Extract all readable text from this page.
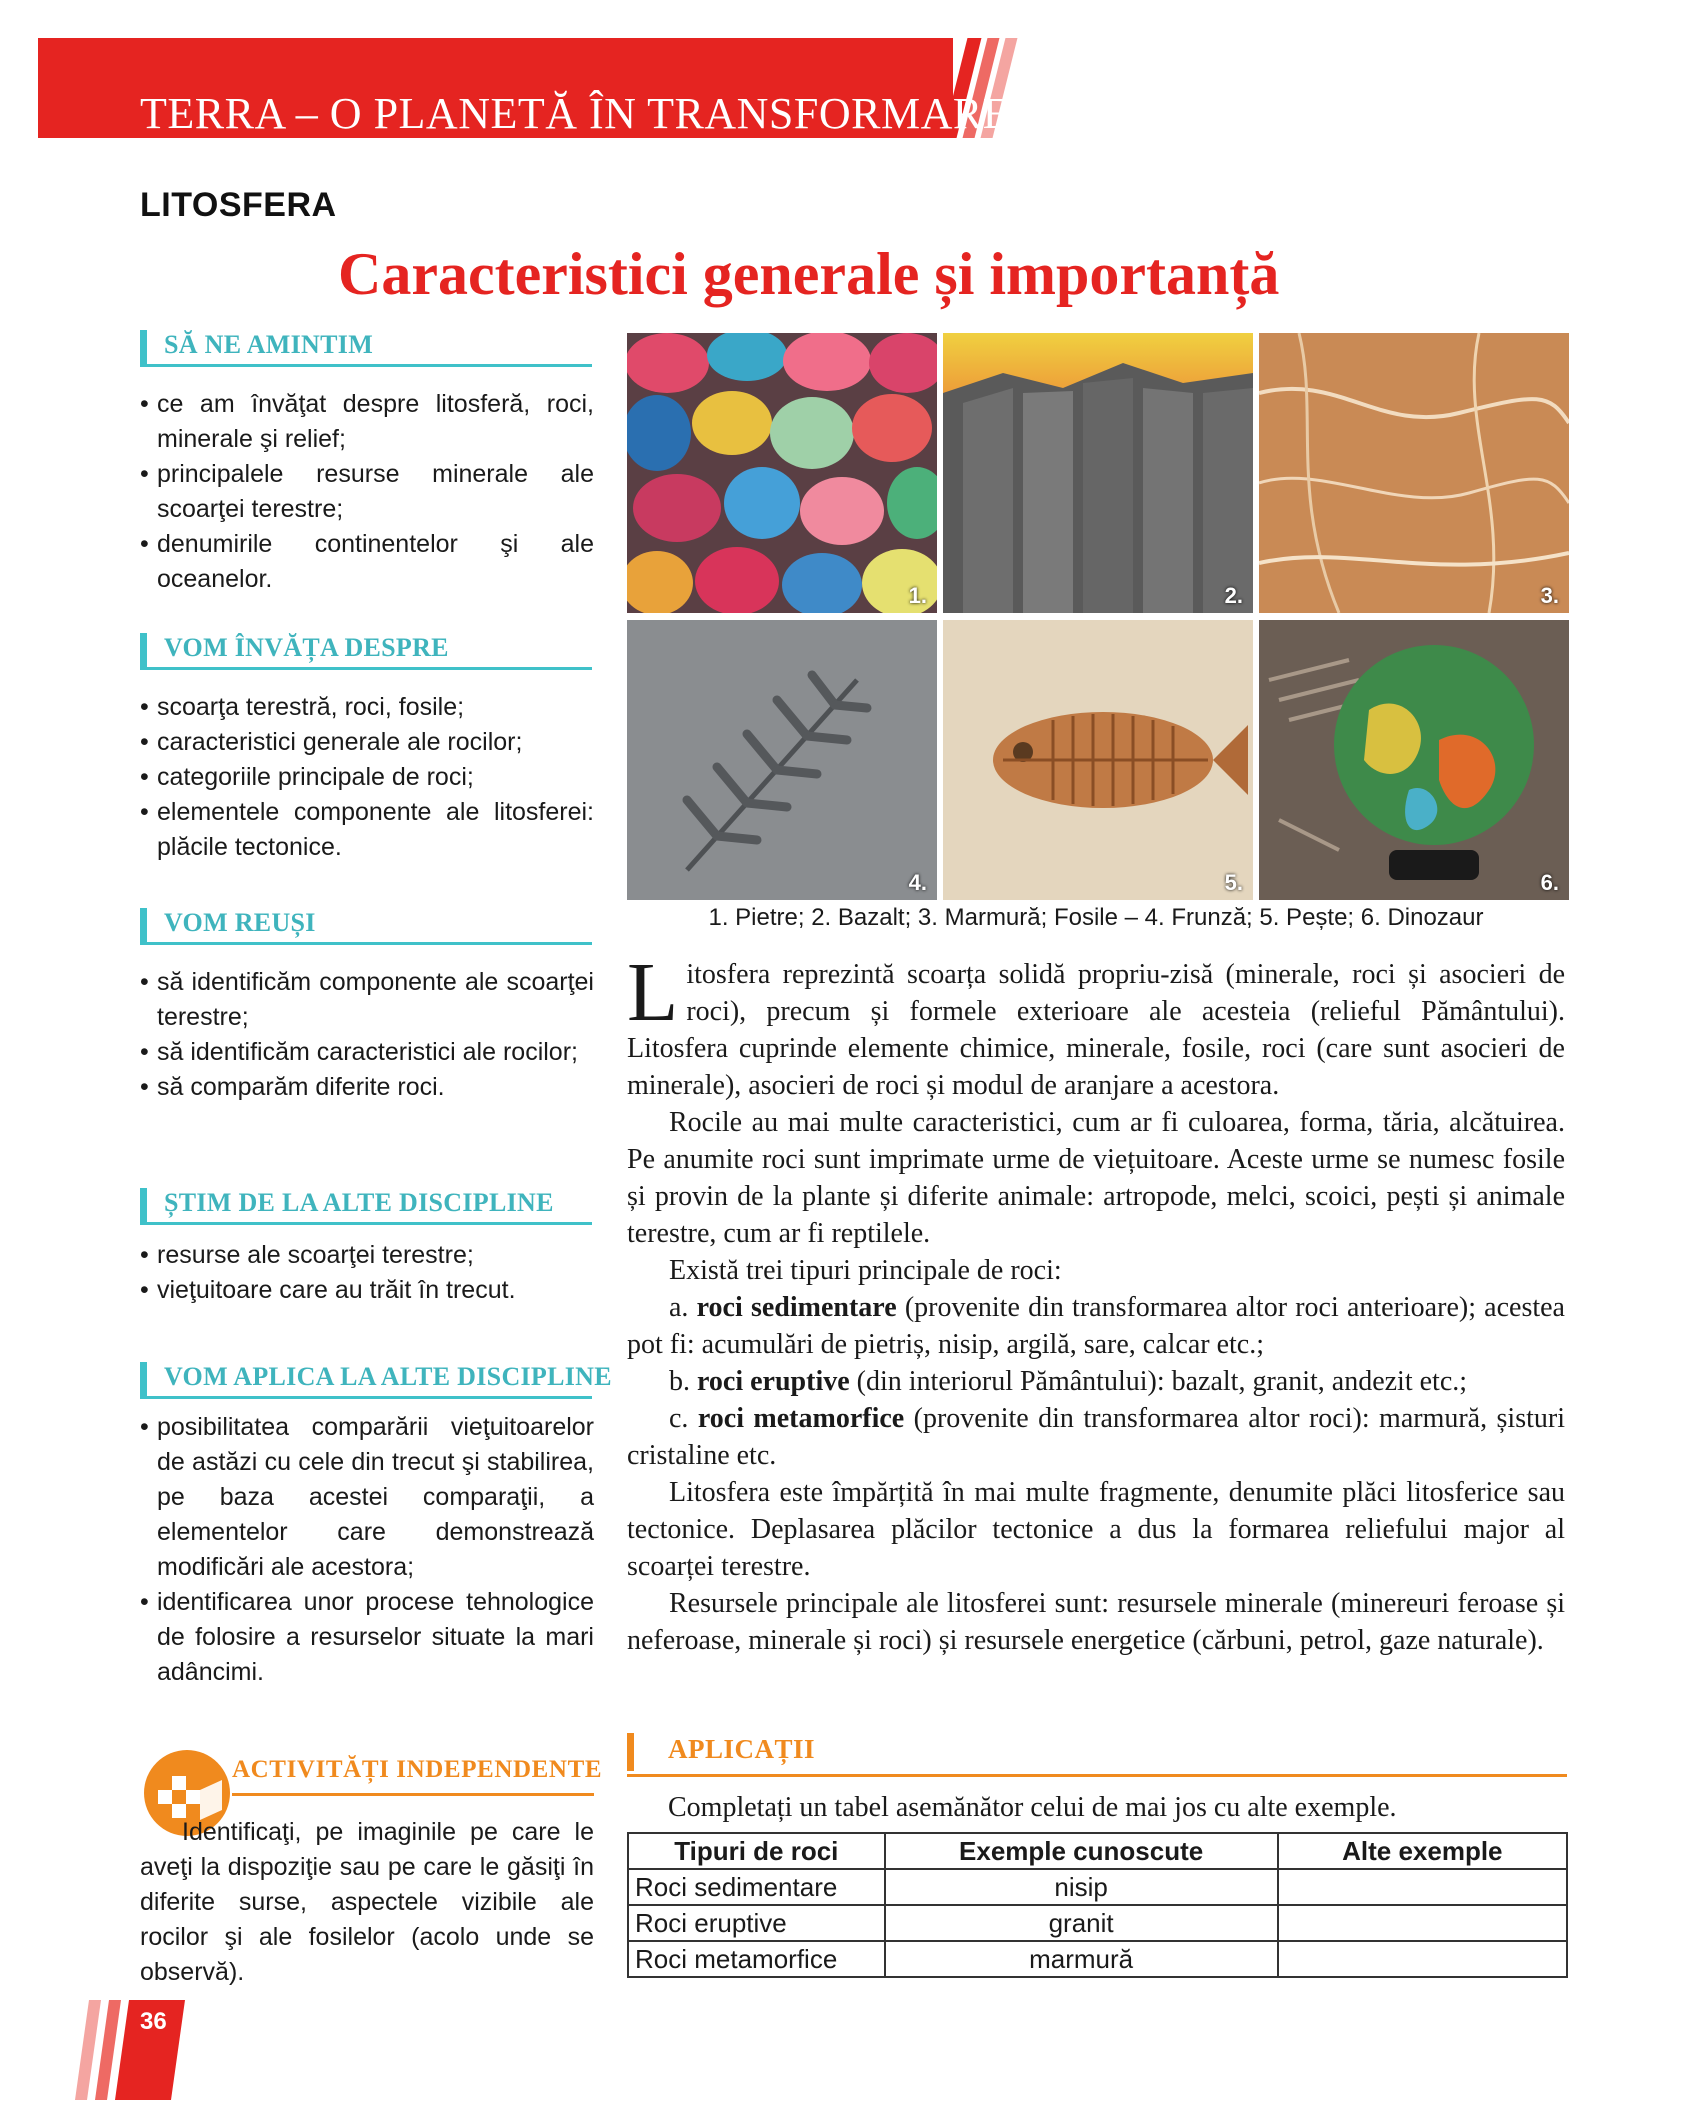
TERRA – O PLANETĂ ÎN TRANSFORMARE
LITOSFERA
Caracteristici generale și importanță
SĂ NE AMINTIM
• ce am învăţat despre litosferă, roci, minerale şi relief;
• principalele resurse minerale ale scoarţei terestre;
• denumirile continentelor şi ale oceanelor.
VOM ÎNVĂȚA DESPRE
• scoarţa terestră, roci, fosile;
• caracteristici generale ale rocilor;
• categoriile principale de roci;
• elementele componente ale litosferei: plăcile tectonice.
VOM REUȘI
• să identificăm componente ale scoarţei terestre;
• să identificăm caracteristici ale rocilor;
• să comparăm diferite roci.
ȘTIM DE LA ALTE DISCIPLINE
• resurse ale scoarţei terestre;
• vieţuitoare care au trăit în trecut.
VOM APLICA LA ALTE DISCIPLINE
• posibilitatea comparării vieţuitoarelor de astăzi cu cele din trecut şi stabilirea, pe baza acestei comparaţii, a elementelor care demonstrează modificări ale acestora;
• identificarea unor procese tehnologice de folosire a resurselor situate la mari adâncimi.
ACTIVITĂȚI INDEPENDENTE
Identificaţi, pe imaginile pe care le aveţi la dispoziţie sau pe care le găsiţi în diferite surse, aspectele vizibile ale rocilor şi ale fosilelor (acolo unde se observă).
36
1.	2.	3.
4.	5.	6.
1. Pietre; 2. Bazalt; 3. Marmură; Fosile – 4. Frunză; 5. Pește; 6. Dinozaur

Litosfera reprezintă scoarța solidă propriu-zisă (minerale, roci și asocieri de roci), precum și formele exterioare ale acesteia (relieful Pământului). Litosfera cuprinde elemente chimice, minerale, fosile, roci (care sunt asocieri de minerale), asocieri de roci și modul de aranjare a acestora.

Rocile au mai multe caracteristici, cum ar fi culoarea, forma, tăria, alcătuirea. Pe anumite roci sunt imprimate urme de viețuitoare. Aceste urme se numesc fosile și provin de la plante și diferite animale: artropode, melci, scoici, pești și animale terestre, cum ar fi reptilele.

Există trei tipuri principale de roci:

a. roci sedimentare (provenite din transformarea altor roci anterioare); acestea pot fi: acumulări de pietriș, nisip, argilă, sare, calcar etc.;

b. roci eruptive (din interiorul Pământului): bazalt, granit, andezit etc.;

c. roci metamorfice (provenite din transformarea altor roci): marmură, șisturi cristaline etc.

Litosfera este împărțită în mai multe fragmente, denumite plăci litosferice sau tectonice. Deplasarea plăcilor tectonice a dus la formarea reliefului major al scoarței terestre.

Resursele principale ale litosferei sunt: resursele minerale (minereuri feroase și neferoase, minerale și roci) și resursele energetice (cărbuni, petrol, gaze naturale).

APLICAȚII
Completați un tabel asemănător celui de mai jos cu alte exemple.
Tipuri de roci	Exemple cunoscute	Alte exemple
Roci sedimentare	nisip	
Roci eruptive	granit	
Roci metamorfice	marmură	
